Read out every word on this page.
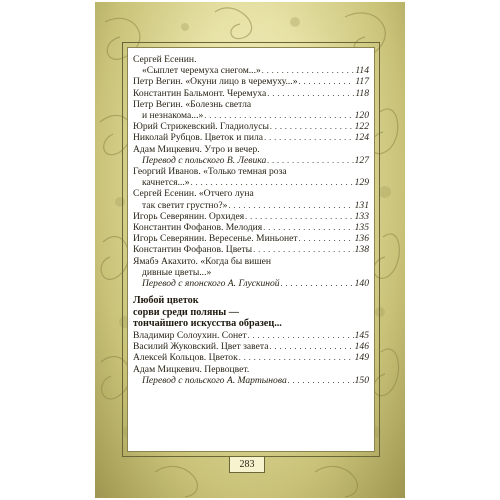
Сергей Есенин.
«Сыплет черемуха снегом...» . . .	114
Петр Вегин. «Окуни лицо в черемуху...» . . .	117
Константин Бальмонт. Черемуха . . .	118
Петр Вегин. «Болезнь светла
и незнакома...» . . .	120
Юрий Стрижевский. Гладиолусы . . .	122
Николай Рубцов. Цветок и пила . . .	124
Адам Мицкевич. Утро и вечер.
Перевод с польского В. Левика . . .	127
Георгий Иванов. «Только темная роза
качнется...» . . .	129
Сергей Есенин. «Отчего луна
так светит грустно?» . . .	131
Игорь Северянин. Орхидея . . .	133
Константин Фофанов. Мелодия . . .	135
Игорь Северянин. Вересенье. Миньонет . . .	136
Константин Фофанов. Цветы . . .	138
Ямабэ Акахито. «Когда бы вишен
дивные цветы...»
Перевод с японского А. Глускиной . . .	140
Любой цветок
сорви среди поляны —
тончайшего искусства образец...
Владимир Солоухин. Сонет . . .	145
Василий Жуковский. Цвет завета . . .	146
Алексей Кольцов. Цветок . . .	149
Адам Мицкевич. Первоцвет.
Перевод с польского А. Мартынова . . .	150
283
